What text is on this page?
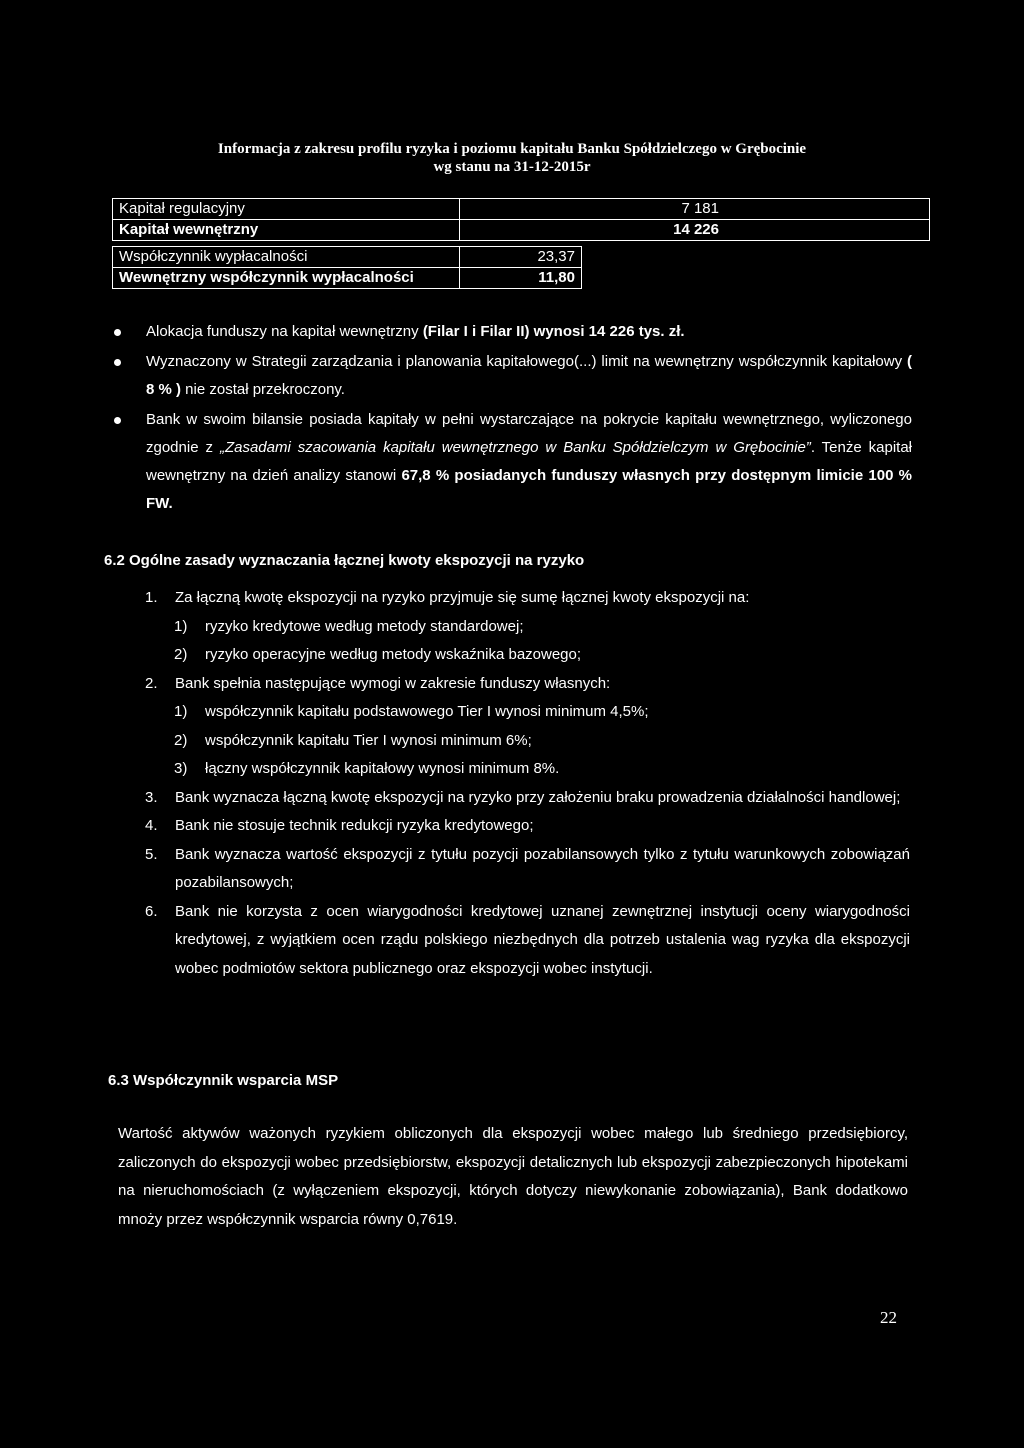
Informacja z zakresu profilu ryzyka i poziomu kapitału Banku Spółdzielczego w Grębocinie
wg stanu na 31-12-2015r
Kapitał regulacyjny	7 181
Kapitał wewnętrzny	14 226
Współczynnik wypłacalności	23,37
Wewnętrzny współczynnik wypłacalności	11,80
Alokacja funduszy na kapitał wewnętrzny (Filar I i Filar II) wynosi 14 226 tys. zł.
Wyznaczony w Strategii zarządzania i planowania kapitałowego(...) limit na wewnętrzny współczynnik kapitałowy ( 8 % ) nie został przekroczony.
Bank w swoim bilansie posiada kapitały w pełni wystarczające na pokrycie kapitału wewnętrznego, wyliczonego zgodnie z „Zasadami szacowania kapitału wewnętrznego w Banku Spółdzielczym w Grębocinie”. Tenże kapitał wewnętrzny na dzień analizy stanowi 67,8 % posiadanych funduszy własnych przy dostępnym limicie 100 % FW.
6.2 Ogólne zasady wyznaczania łącznej kwoty ekspozycji na ryzyko
1. Za łączną kwotę ekspozycji na ryzyko przyjmuje się sumę łącznej kwoty ekspozycji na:
1) ryzyko kredytowe według metody standardowej;
2) ryzyko operacyjne według metody wskaźnika bazowego;
2. Bank spełnia następujące wymogi w zakresie funduszy własnych:
1) współczynnik kapitału podstawowego Tier I wynosi minimum 4,5%;
2) współczynnik kapitału Tier I wynosi minimum 6%;
3) łączny współczynnik kapitałowy wynosi minimum 8%.
3. Bank wyznacza łączną kwotę ekspozycji na ryzyko przy założeniu braku prowadzenia działalności handlowej;
4. Bank nie stosuje technik redukcji ryzyka kredytowego;
5. Bank wyznacza wartość ekspozycji z tytułu pozycji pozabilansowych tylko z tytułu warunkowych zobowiązań pozabilansowych;
6. Bank nie korzysta z ocen wiarygodności kredytowej uznanej zewnętrznej instytucji oceny wiarygodności kredytowej, z wyjątkiem ocen rządu polskiego niezbędnych dla potrzeb ustalenia wag ryzyka dla ekspozycji wobec podmiotów sektora publicznego oraz ekspozycji wobec instytucji.
6.3 Współczynnik wsparcia MSP
Wartość aktywów ważonych ryzykiem obliczonych dla ekspozycji wobec małego lub średniego przedsiębiorcy, zaliczonych do ekspozycji wobec przedsiębiorstw, ekspozycji detalicznych lub ekspozycji zabezpieczonych hipotekami na nieruchomościach (z wyłączeniem ekspozycji, których dotyczy niewykonanie zobowiązania), Bank dodatkowo mnoży przez współczynnik wsparcia równy 0,7619.
22
